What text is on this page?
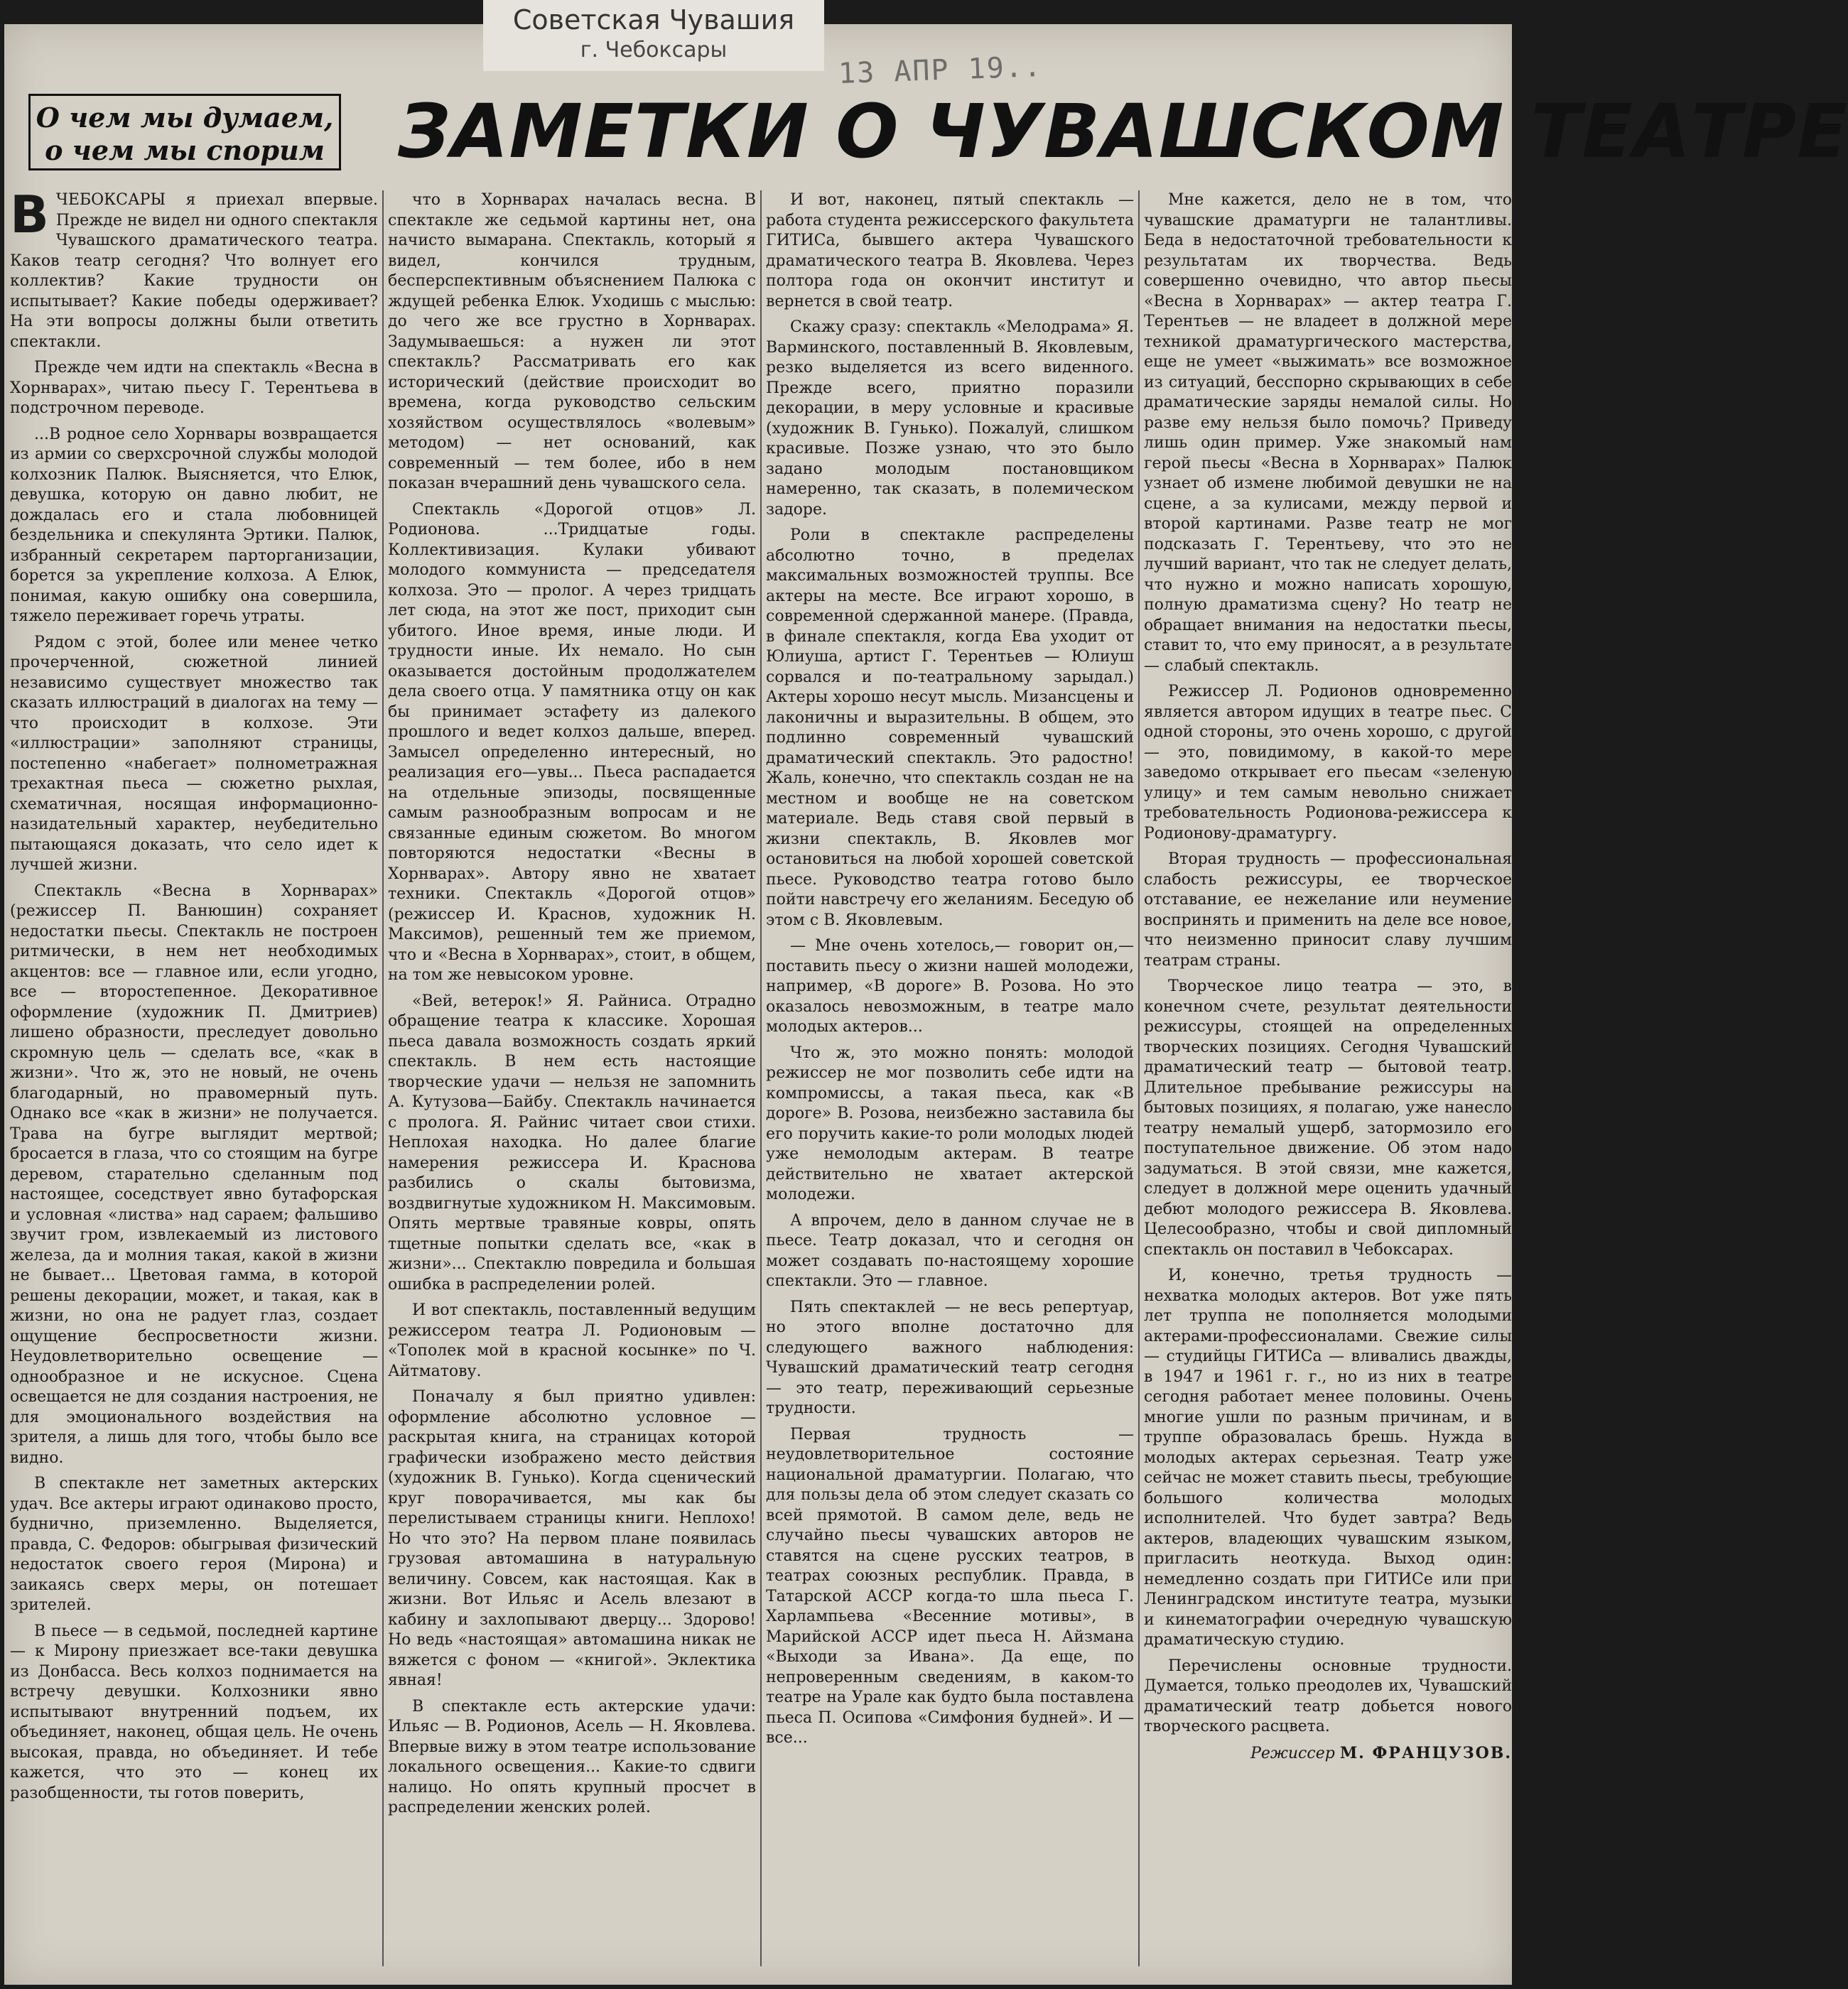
Советская Чувашия
г. Чебоксары
13 АПР 19..
О чем мы думаем,
о чем мы спорим ЗАМЕТКИ О ЧУВАШСКОМ ТЕАТРЕ

ВЧЕБОКСАРЫ я приехал впервые. Прежде не видел ни одного спектакля Чувашского драматического театра. Каков театр сегодня? Что волнует его коллектив? Какие трудности он испытывает? Какие победы одерживает? На эти вопросы должны были ответить спектакли.

Прежде чем идти на спектакль «Весна в Хорнварах», читаю пьесу Г. Терентьева в подстрочном переводе.

...В родное село Хорнвары возвращается из армии со сверхсрочной службы молодой колхозник Палюк. Выясняется, что Елюк, девушка, которую он давно любит, не дождалась его и стала любовницей бездельника и спекулянта Эртики. Палюк, избранный секретарем парторганизации, борется за укрепление колхоза. А Елюк, понимая, какую ошибку она совершила, тяжело переживает горечь утраты.

Рядом с этой, более или менее четко прочерченной, сюжетной линией независимо существует множество так сказать иллюстраций в диалогах на тему — что происходит в колхозе. Эти «иллюстрации» заполняют страницы, постепенно «набегает» полнометражная трехактная пьеса — сюжетно рыхлая, схематичная, носящая информационно-назидательный характер, неубедительно пытающаяся доказать, что село идет к лучшей жизни.

Спектакль «Весна в Хорнварах» (режиссер П. Ванюшин) сохраняет недостатки пьесы. Спектакль не построен ритмически, в нем нет необходимых акцентов: все — главное или, если угодно, все — второстепенное. Декоративное оформление (художник П. Дмитриев) лишено образности, преследует довольно скромную цель — сделать все, «как в жизни». Что ж, это не новый, не очень благодарный, но правомерный путь. Однако все «как в жизни» не получается. Трава на бугре выглядит мертвой; бросается в глаза, что со стоящим на бугре деревом, старательно сделанным под настоящее, соседствует явно бутафорская и условная «листва» над сараем; фальшиво звучит гром, извлекаемый из листового железа, да и молния такая, какой в жизни не бывает... Цветовая гамма, в которой решены декорации, может, и такая, как в жизни, но она не радует глаз, создает ощущение беспросветности жизни. Неудовлетворительно освещение — однообразное и не искусное. Сцена освещается не для создания настроения, не для эмоционального воздействия на зрителя, а лишь для того, чтобы было все видно.

В спектакле нет заметных актерских удач. Все актеры играют одинаково просто, буднично, приземленно. Выделяется, правда, С. Федоров: обыгрывая физический недостаток своего героя (Мирона) и заикаясь сверх меры, он потешает зрителей.

В пьесе — в седьмой, последней картине — к Мирону приезжает все-таки девушка из Донбасса. Весь колхоз поднимается на встречу девушки. Колхозники явно испытывают внутренний подъем, их объединяет, наконец, общая цель. Не очень высокая, правда, но объединяет. И тебе кажется, что это — конец их разобщенности, ты готов поверить,

что в Хорнварах началась весна. В спектакле же седьмой картины нет, она начисто вымарана. Спектакль, который я видел, кончился трудным, бесперспективным объяснением Палюка с ждущей ребенка Елюк. Уходишь с мыслью: до чего же все грустно в Хорнварах. Задумываешься: а нужен ли этот спектакль? Рассматривать его как исторический (действие происходит во времена, когда руководство сельским хозяйством осуществлялось «волевым» методом) — нет оснований, как современный — тем более, ибо в нем показан вчерашний день чувашского села.

Спектакль «Дорогой отцов» Л. Родионова. ...Тридцатые годы. Коллективизация. Кулаки убивают молодого коммуниста — председателя колхоза. Это — пролог. А через тридцать лет сюда, на этот же пост, приходит сын убитого. Иное время, иные люди. И трудности иные. Их немало. Но сын оказывается достойным продолжателем дела своего отца. У памятника отцу он как бы принимает эстафету из далекого прошлого и ведет колхоз дальше, вперед. Замысел определенно интересный, но реализация его—увы... Пьеса распадается на отдельные эпизоды, посвященные самым разнообразным вопросам и не связанные единым сюжетом. Во многом повторяются недостатки «Весны в Хорнварах». Автору явно не хватает техники. Спектакль «Дорогой отцов» (режиссер И. Краснов, художник Н. Максимов), решенный тем же приемом, что и «Весна в Хорнварах», стоит, в общем, на том же невысоком уровне.

«Вей, ветерок!» Я. Райниса. Отрадно обращение театра к классике. Хорошая пьеса давала возможность создать яркий спектакль. В нем есть настоящие творческие удачи — нельзя не запомнить А. Кутузова—Байбу. Спектакль начинается с пролога. Я. Райнис читает свои стихи. Неплохая находка. Но далее благие намерения режиссера И. Краснова разбились о скалы бытовизма, воздвигнутые художником Н. Максимовым. Опять мертвые травяные ковры, опять тщетные попытки сделать все, «как в жизни»... Спектаклю повредила и большая ошибка в распределении ролей.

И вот спектакль, поставленный ведущим режиссером театра Л. Родионовым — «Тополек мой в красной косынке» по Ч. Айтматову.

Поначалу я был приятно удивлен: оформление абсолютно условное — раскрытая книга, на страницах которой графически изображено место действия (художник В. Гунько). Когда сценический круг поворачивается, мы как бы перелистываем страницы книги. Неплохо! Но что это? На первом плане появилась грузовая автомашина в натуральную величину. Совсем, как настоящая. Как в жизни. Вот Ильяс и Асель влезают в кабину и захлопывают дверцу... Здорово! Но ведь «настоящая» автомашина никак не вяжется с фоном — «книгой». Эклектика явная!

В спектакле есть актерские удачи: Ильяс — В. Родионов, Асель — Н. Яковлева. Впервые вижу в этом театре использование локального освещения... Какие-то сдвиги налицо. Но опять крупный просчет в распределении женских ролей.

И вот, наконец, пятый спектакль — работа студента режиссерского факультета ГИТИСа, бывшего актера Чувашского драматического театра В. Яковлева. Через полтора года он окончит институт и вернется в свой театр.

Скажу сразу: спектакль «Мелодрама» Я. Варминского, поставленный В. Яковлевым, резко выделяется из всего виденного. Прежде всего, приятно поразили декорации, в меру условные и красивые (художник В. Гунько). Пожалуй, слишком красивые. Позже узнаю, что это было задано молодым постановщиком намеренно, так сказать, в полемическом задоре.

Роли в спектакле распределены абсолютно точно, в пределах максимальных возможностей труппы. Все актеры на месте. Все играют хорошо, в современной сдержанной манере. (Правда, в финале спектакля, когда Ева уходит от Юлиуша, артист Г. Терентьев — Юлиуш сорвался и по-театральному зарыдал.) Актеры хорошо несут мысль. Мизансцены и лаконичны и выразительны. В общем, это подлинно современный чувашский драматический спектакль. Это радостно! Жаль, конечно, что спектакль создан не на местном и вообще не на советском материале. Ведь ставя свой первый в жизни спектакль, В. Яковлев мог остановиться на любой хорошей советской пьесе. Руководство театра готово было пойти навстречу его желаниям. Беседую об этом с В. Яковлевым.

— Мне очень хотелось,— говорит он,— поставить пьесу о жизни нашей молодежи, например, «В дороге» В. Розова. Но это оказалось невозможным, в театре мало молодых актеров...

Что ж, это можно понять: молодой режиссер не мог позволить себе идти на компромиссы, а такая пьеса, как «В дороге» В. Розова, неизбежно заставила бы его поручить какие-то роли молодых людей уже немолодым актерам. В театре действительно не хватает актерской молодежи.

А впрочем, дело в данном случае не в пьесе. Театр доказал, что и сегодня он может создавать по-настоящему хорошие спектакли. Это — главное.

Пять спектаклей — не весь репертуар, но этого вполне достаточно для следующего важного наблюдения: Чувашский драматический театр сегодня — это театр, переживающий серьезные трудности.

Первая трудность — неудовлетворительное состояние национальной драматургии. Полагаю, что для пользы дела об этом следует сказать со всей прямотой. В самом деле, ведь не случайно пьесы чувашских авторов не ставятся на сцене русских театров, в театрах союзных республик. Правда, в Татарской АССР когда-то шла пьеса Г. Харлампьева «Весенние мотивы», в Марийской АССР идет пьеса Н. Айзмана «Выходи за Ивана». Да еще, по непроверенным сведениям, в каком-то театре на Урале как будто была поставлена пьеса П. Осипова «Симфония будней». И — все...

Мне кажется, дело не в том, что чувашские драматурги не талантливы. Беда в недостаточной требовательности к результатам их творчества. Ведь совершенно очевидно, что автор пьесы «Весна в Хорнварах» — актер театра Г. Терентьев — не владеет в должной мере техникой драматургического мастерства, еще не умеет «выжимать» все возможное из ситуаций, бесспорно скрывающих в себе драматические заряды немалой силы. Но разве ему нельзя было помочь? Приведу лишь один пример. Уже знакомый нам герой пьесы «Весна в Хорнварах» Палюк узнает об измене любимой девушки не на сцене, а за кулисами, между первой и второй картинами. Разве театр не мог подсказать Г. Терентьеву, что это не лучший вариант, что так не следует делать, что нужно и можно написать хорошую, полную драматизма сцену? Но театр не обращает внимания на недостатки пьесы, ставит то, что ему приносят, а в результате — слабый спектакль.

Режиссер Л. Родионов одновременно является автором идущих в театре пьес. С одной стороны, это очень хорошо, с другой — это, повидимому, в какой-то мере заведомо открывает его пьесам «зеленую улицу» и тем самым невольно снижает требовательность Родионова-режиссера к Родионову-драматургу.

Вторая трудность — профессиональная слабость режиссуры, ее творческое отставание, ее нежелание или неумение воспринять и применить на деле все новое, что неизменно приносит славу лучшим театрам страны.

Творческое лицо театра — это, в конечном счете, результат деятельности режиссуры, стоящей на определенных творческих позициях. Сегодня Чувашский драматический театр — бытовой театр. Длительное пребывание режиссуры на бытовых позициях, я полагаю, уже нанесло театру немалый ущерб, затормозило его поступательное движение. Об этом надо задуматься. В этой связи, мне кажется, следует в должной мере оценить удачный дебют молодого режиссера В. Яковлева. Целесообразно, чтобы и свой дипломный спектакль он поставил в Чебоксарах.

И, конечно, третья трудность — нехватка молодых актеров. Вот уже пять лет труппа не пополняется молодыми актерами-профессионалами. Свежие силы — студийцы ГИТИСа — вливались дважды, в 1947 и 1961 г. г., но из них в театре сегодня работает менее половины. Очень многие ушли по разным причинам, и в труппе образовалась брешь. Нужда в молодых актерах серьезная. Театр уже сейчас не может ставить пьесы, требующие большого количества молодых исполнителей. Что будет завтра? Ведь актеров, владеющих чувашским языком, пригласить неоткуда. Выход один: немедленно создать при ГИТИСе или при Ленинградском институте театра, музыки и кинематографии очередную чувашскую драматическую студию.

Перечислены основные трудности. Думается, только преодолев их, Чувашский драматический театр добьется нового творческого расцвета.

Режиссер М. ФРАНЦУЗОВ.
